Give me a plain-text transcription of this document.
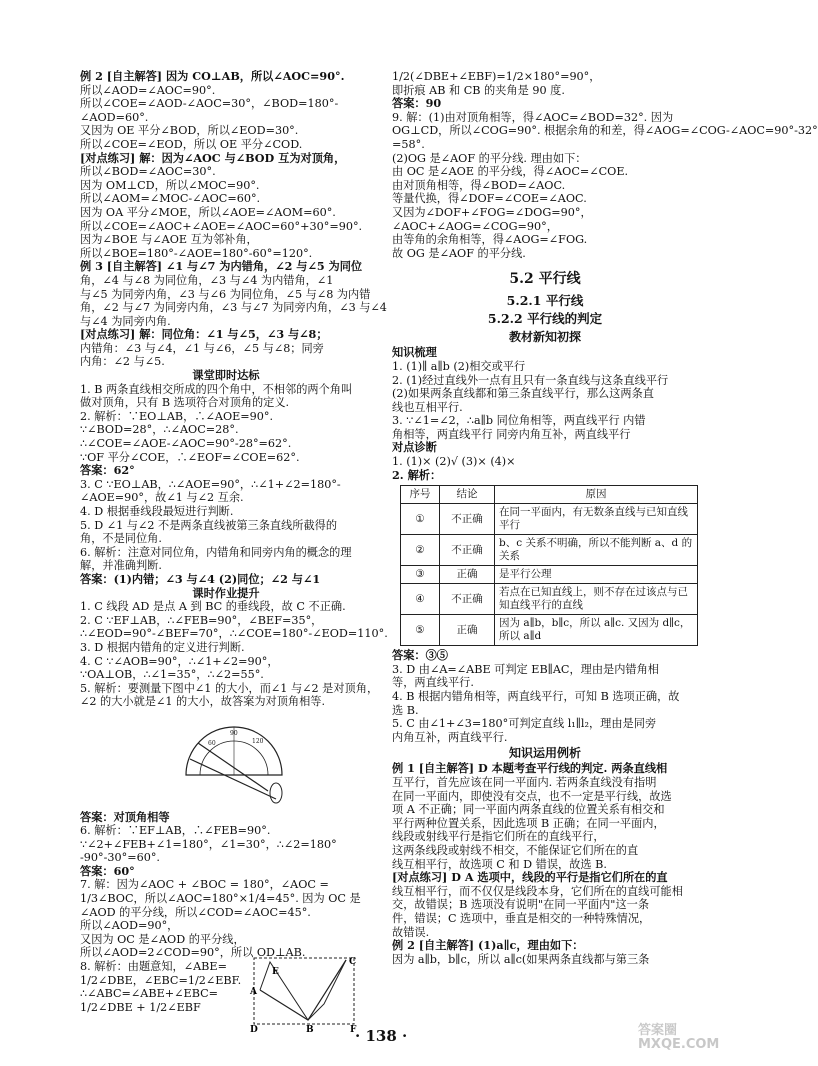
例 2 [自主解答] 因为 CO⊥AB，所以∠AOC=90°.
所以∠AOD=∠AOC=90°.
所以∠COE=∠AOD-∠AOC=30°，∠BOD=180°-
∠AOD=60°.
又因为 OE 平分∠BOD，所以∠EOD=30°.
所以∠COE=∠EOD，所以 OE 平分∠COD.
[对点练习] 解：因为∠AOC 与∠BOD 互为对顶角，
所以∠BOD=∠AOC=30°.
因为 OM⊥CD，所以∠MOC=90°.
所以∠AOM=∠MOC-∠AOC=60°.
因为 OA 平分∠MOE，所以∠AOE=∠AOM=60°.
所以∠COE=∠AOC+∠AOE=∠AOC=60°+30°=90°.
因为∠BOE 与∠AOE 互为邻补角，
所以∠BOE=180°-∠AOE=180°-60°=120°.
例 3 [自主解答] ∠1 与∠7 为内错角，∠2 与∠5 为同位
角，∠4 与∠8 为同位角，∠3 与∠4 为内错角，∠1
与∠5 为同旁内角，∠3 与∠6 为同位角，∠5 与∠8 为内错
角，∠2 与∠7 为同旁内角，∠3 与∠7 为同旁内角，∠3 与∠4
与∠4 为同旁内角.
[对点练习] 解：同位角：∠1 与∠5，∠3 与∠8；
内错角：∠3 与∠4，∠1 与∠6，∠5 与∠8；同旁
内角：∠2 与∠5.
课堂即时达标
1. B 两条直线相交所成的四个角中，不相邻的两个角叫
做对顶角，只有 B 选项符合对顶角的定义.
2. 解析：∵EO⊥AB，∴∠AOE=90°.
∵∠BOD=28°，∴∠AOC=28°.
∴∠COE=∠AOE-∠AOC=90°-28°=62°.
∵OF 平分∠COE，∴∠EOF=∠COE=62°.
答案：62°
3. C ∵EO⊥AB，∴∠AOE=90°，∴∠1+∠2=180°-
∠AOE=90°，故∠1 与∠2 互余.
4. D 根据垂线段最短进行判断.
5. D ∠1 与∠2 不是两条直线被第三条直线所截得的
角，不是同位角.
6. 解析：注意对同位角，内错角和同旁内角的概念的理
解，并准确判断.
答案：(1)内错；∠3 与∠4 (2)同位；∠2 与∠1
课时作业提升
1. C 线段 AD 是点 A 到 BC 的垂线段，故 C 不正确.
2. C ∵EF⊥AB，∴∠FEB=90°，∠BEF=35°，
∴∠EOD=90°-∠BEF=70°，∴∠COE=180°-∠EOD=110°.
3. D 根据内错角的定义进行判断.
4. C ∵∠AOB=90°，∴∠1+∠2=90°，
∵OA⊥OB，∴∠1=35°，∴∠2=55°.
5. 解析：要测量下图中∠1 的大小，而∠1 与∠2 是对顶角，
∠2 的大小就是∠1 的大小，故答案为对顶角相等.
60
90
120
答案：对顶角相等
6. 解析：∵EF⊥AB，∴∠FEB=90°.
∵∠2+∠FEB+∠1=180°，∠1=30°，∴∠2=180°
-90°-30°=60°.
答案：60°
7. 解：因为∠AOC + ∠BOC = 180°，∠AOC =
1/3∠BOC，所以∠AOC=180°×1/4=45°. 因为 OC 是
∠AOD 的平分线，所以∠COD=∠AOC=45°.
所以∠AOD=90°，
又因为 OC 是∠AOD 的平分线，
所以∠AOD=2∠COD=90°，所以 OD⊥AB.
8. 解析：由题意知，∠ABE=
1/2∠DBE，∠EBC=1/2∠EBF.
∴∠ABC=∠ABE+∠EBC=
1/2∠DBE + 1/2∠EBF
A
B
C
D
E
F
1/2(∠DBE+∠EBF)=1/2×180°=90°，
即折痕 AB 和 CB 的夹角是 90 度.
答案：90
9. 解：(1)由对顶角相等，得∠AOC=∠BOD=32°. 因为
OG⊥CD，所以∠COG=90°. 根据余角的和差，得∠AOG=∠COG-∠AOC=90°-32°
=58°.
(2)OG 是∠AOF 的平分线. 理由如下：
由 OC 是∠AOE 的平分线，得∠AOC=∠COE.
由对顶角相等，得∠BOD=∠AOC.
等量代换，得∠DOF=∠COE=∠AOC.
又因为∠DOF+∠FOG=∠DOG=90°，
∠AOC+∠AOG=∠COG=90°，
由等角的余角相等，得∠AOG=∠FOG.
故 OG 是∠AOF 的平分线.
5.2 平行线
5.2.1 平行线
5.2.2 平行线的判定
教材新知初探
知识梳理
1. (1)∥ a∥b (2)相交或平行
2. (1)经过直线外一点有且只有一条直线与这条直线平行
(2)如果两条直线都和第三条直线平行，那么这两条直
线也互相平行.
3. ∵∠1=∠2，∴a∥b 同位角相等，两直线平行 内错
角相等，两直线平行 同旁内角互补，两直线平行
对点诊断
1. (1)× (2)√ (3)× (4)×
2. 解析：
序号	结论	原因
①	不正确	在同一平面内，有无数条直线与已知直线平行
②	不正确	b、c 关系不明确，所以不能判断 a、d 的关系
③	正确	是平行公理
④	不正确	若点在已知直线上，则不存在过该点与已知直线平行的直线
⑤	正确	因为 a∥b，b∥c，所以 a∥c. 又因为 d∥c，所以 a∥d
答案：③⑤
3. D 由∠A=∠ABE 可判定 EB∥AC，理由是内错角相
等，两直线平行.
4. B 根据内错角相等，两直线平行，可知 B 选项正确，故
选 B.
5. C 由∠1+∠3=180°可判定直线 l₁∥l₂，理由是同旁
内角互补，两直线平行.
知识运用例析
例 1 [自主解答] D 本题考查平行线的判定. 两条直线相
互平行，首先应该在同一平面内. 若两条直线没有指明
在同一平面内，即使没有交点，也不一定是平行线，故选
项 A 不正确；同一平面内两条直线的位置关系有相交和
平行两种位置关系，因此选项 B 正确；在同一平面内，
线段或射线平行是指它们所在的直线平行，
这两条线段或射线不相交，不能保证它们所在的直
线互相平行，故选项 C 和 D 错误，故选 B.
[对点练习] D A 选项中，线段的平行是指它们所在的直
线互相平行，而不仅仅是线段本身，它们所在的直线可能相
交，故错误；B 选项没有说明"在同一平面内"这一条
件，错误；C 选项中，垂直是相交的一种特殊情况，
故错误.
例 2 [自主解答] (1)a∥c，理由如下：
因为 a∥b，b∥c，所以 a∥c(如果两条直线都与第三条
· 138 ·	答案圈 MXQE.COM
